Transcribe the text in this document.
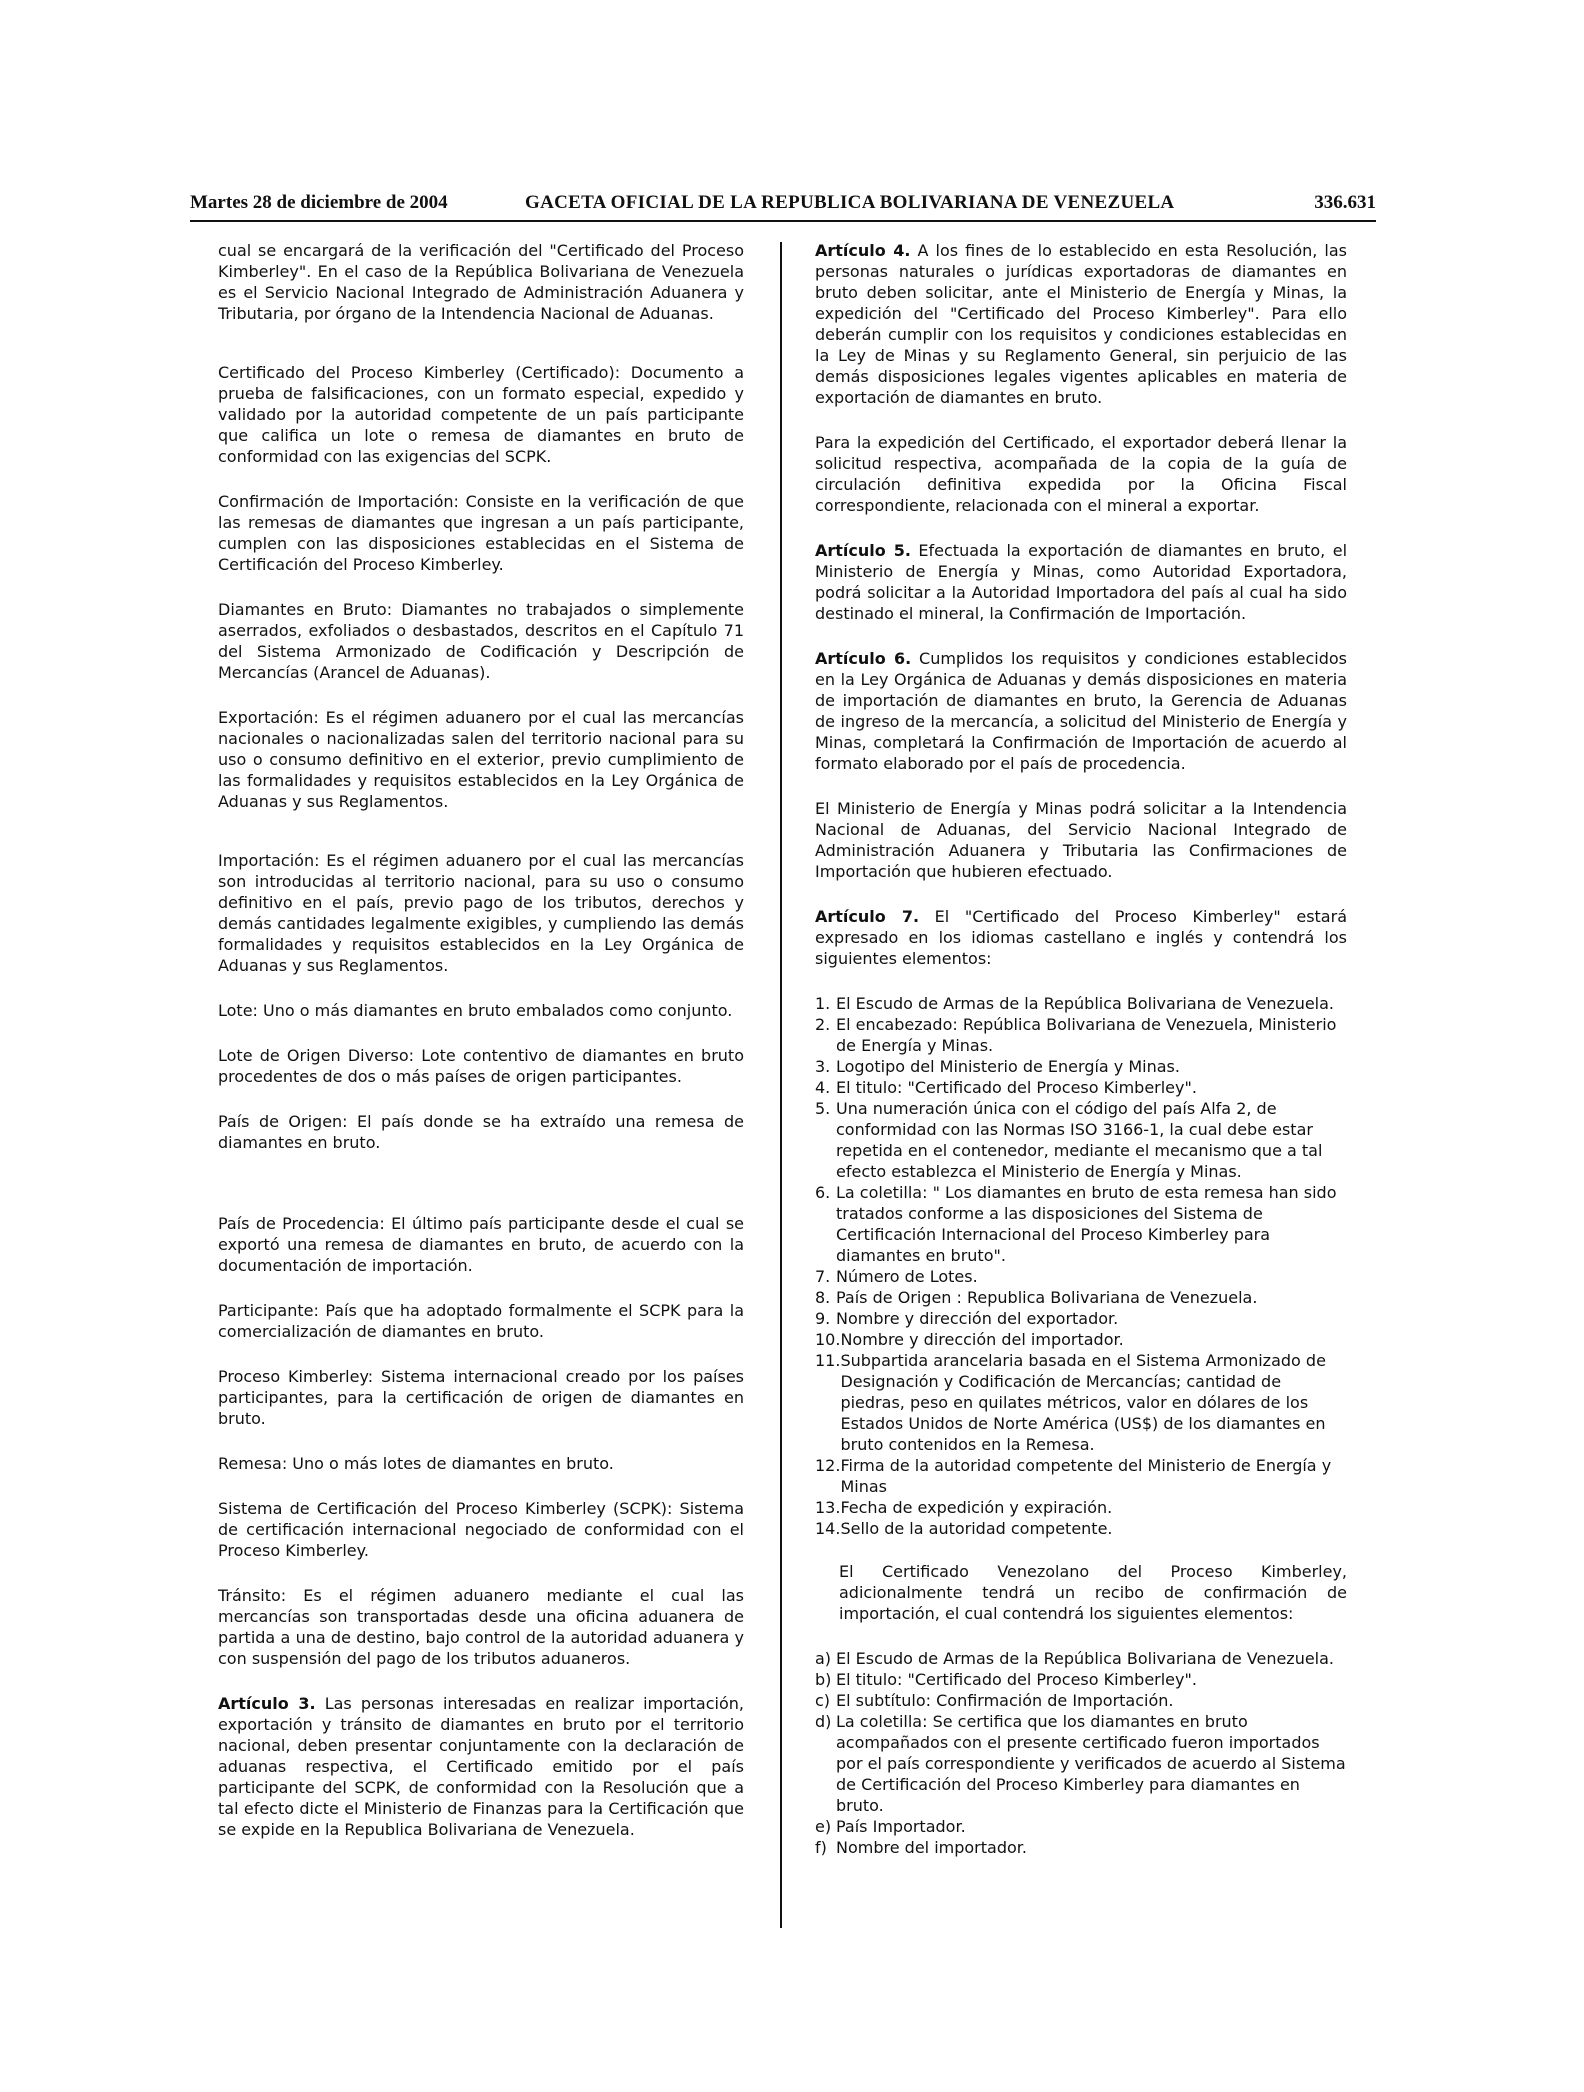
Martes 28 de diciembre de 2004	GACETA OFICIAL DE LA REPUBLICA BOLIVARIANA DE VENEZUELA	336.631

cual se encargará de la verificación del "Certificado del Proceso Kimberley". En el caso de la República Bolivariana de Venezuela es el Servicio Nacional Integrado de Administración Aduanera y Tributaria, por órgano de la Intendencia Nacional de Aduanas.

Certificado del Proceso Kimberley (Certificado): Documento a prueba de falsificaciones, con un formato especial, expedido y validado por la autoridad competente de un país participante que califica un lote o remesa de diamantes en bruto de conformidad con las exigencias del SCPK.

Confirmación de Importación: Consiste en la verificación de que las remesas de diamantes que ingresan a un país participante, cumplen con las disposiciones establecidas en el Sistema de Certificación del Proceso Kimberley.

Diamantes en Bruto: Diamantes no trabajados o simplemente aserrados, exfoliados o desbastados, descritos en el Capítulo 71 del Sistema Armonizado de Codificación y Descripción de Mercancías (Arancel de Aduanas).

Exportación: Es el régimen aduanero por el cual las mercancías nacionales o nacionalizadas salen del territorio nacional para su uso o consumo definitivo en el exterior, previo cumplimiento de las formalidades y requisitos establecidos en la Ley Orgánica de Aduanas y sus Reglamentos.

Importación: Es el régimen aduanero por el cual las mercancías son introducidas al territorio nacional, para su uso o consumo definitivo en el país, previo pago de los tributos, derechos y demás cantidades legalmente exigibles, y cumpliendo las demás formalidades y requisitos establecidos en la Ley Orgánica de Aduanas y sus Reglamentos.

Lote: Uno o más diamantes en bruto embalados como conjunto.

Lote de Origen Diverso: Lote contentivo de diamantes en bruto procedentes de dos o más países de origen participantes.

País de Origen: El país donde se ha extraído una remesa de diamantes en bruto.

País de Procedencia: El último país participante desde el cual se exportó una remesa de diamantes en bruto, de acuerdo con la documentación de importación.

Participante: País que ha adoptado formalmente el SCPK para la comercialización de diamantes en bruto.

Proceso Kimberley: Sistema internacional creado por los países participantes, para la certificación de origen de diamantes en bruto.

Remesa: Uno o más lotes de diamantes en bruto.

Sistema de Certificación del Proceso Kimberley (SCPK): Sistema de certificación internacional negociado de conformidad con el Proceso Kimberley.

Tránsito: Es el régimen aduanero mediante el cual las mercancías son transportadas desde una oficina aduanera de partida a una de destino, bajo control de la autoridad aduanera y con suspensión del pago de los tributos aduaneros.

Artículo 3. Las personas interesadas en realizar importación, exportación y tránsito de diamantes en bruto por el territorio nacional, deben presentar conjuntamente con la declaración de aduanas respectiva, el Certificado emitido por el país participante del SCPK, de conformidad con la Resolución que a tal efecto dicte el Ministerio de Finanzas para la Certificación que se expide en la Republica Bolivariana de Venezuela.

Artículo 4. A los fines de lo establecido en esta Resolución, las personas naturales o jurídicas exportadoras de diamantes en bruto deben solicitar, ante el Ministerio de Energía y Minas, la expedición del "Certificado del Proceso Kimberley". Para ello deberán cumplir con los requisitos y condiciones establecidas en la Ley de Minas y su Reglamento General, sin perjuicio de las demás disposiciones legales vigentes aplicables en materia de exportación de diamantes en bruto.

Para la expedición del Certificado, el exportador deberá llenar la solicitud respectiva, acompañada de la copia de la guía de circulación definitiva expedida por la Oficina Fiscal correspondiente, relacionada con el mineral a exportar.

Artículo 5. Efectuada la exportación de diamantes en bruto, el Ministerio de Energía y Minas, como Autoridad Exportadora, podrá solicitar a la Autoridad Importadora del país al cual ha sido destinado el mineral, la Confirmación de Importación.

Artículo 6. Cumplidos los requisitos y condiciones establecidos en la Ley Orgánica de Aduanas y demás disposiciones en materia de importación de diamantes en bruto, la Gerencia de Aduanas de ingreso de la mercancía, a solicitud del Ministerio de Energía y Minas, completará la Confirmación de Importación de acuerdo al formato elaborado por el país de procedencia.

El Ministerio de Energía y Minas podrá solicitar a la Intendencia Nacional de Aduanas, del Servicio Nacional Integrado de Administración Aduanera y Tributaria las Confirmaciones de Importación que hubieren efectuado.

Artículo 7. El "Certificado del Proceso Kimberley" estará expresado en los idiomas castellano e inglés y contendrá los siguientes elementos:

1. El Escudo de Armas de la República Bolivariana de Venezuela.
2. El encabezado: República Bolivariana de Venezuela, Ministerio de Energía y Minas.
3. Logotipo del Ministerio de Energía y Minas.
4. El titulo: "Certificado del Proceso Kimberley".
5. Una numeración única con el código del país Alfa 2, de conformidad con las Normas ISO 3166-1, la cual debe estar repetida en el contenedor, mediante el mecanismo que a tal efecto establezca el Ministerio de Energía y Minas.
6. La coletilla: " Los diamantes en bruto de esta remesa han sido tratados conforme a las disposiciones del Sistema de Certificación Internacional del Proceso Kimberley para diamantes en bruto".
7. Número de Lotes.
8. País de Origen : Republica Bolivariana de Venezuela.
9. Nombre y dirección del exportador.
10. Nombre y dirección del importador.
11. Subpartida arancelaria basada en el Sistema Armonizado de Designación y Codificación de Mercancías; cantidad de piedras, peso en quilates métricos, valor en dólares de los Estados Unidos de Norte América (US$) de los diamantes en bruto contenidos en la Remesa.
12. Firma de la autoridad competente del Ministerio de Energía y Minas
13. Fecha de expedición y expiración.
14. Sello de la autoridad competente.

El Certificado Venezolano del Proceso Kimberley, adicionalmente tendrá un recibo de confirmación de importación, el cual contendrá los siguientes elementos:

a) El Escudo de Armas de la República Bolivariana de Venezuela.
b) El titulo: "Certificado del Proceso Kimberley".
c) El subtítulo: Confirmación de Importación.
d) La coletilla: Se certifica que los diamantes en bruto acompañados con el presente certificado fueron importados por el país correspondiente y verificados de acuerdo al Sistema de Certificación del Proceso Kimberley para diamantes en bruto.
e) País Importador.
f) Nombre del importador.
